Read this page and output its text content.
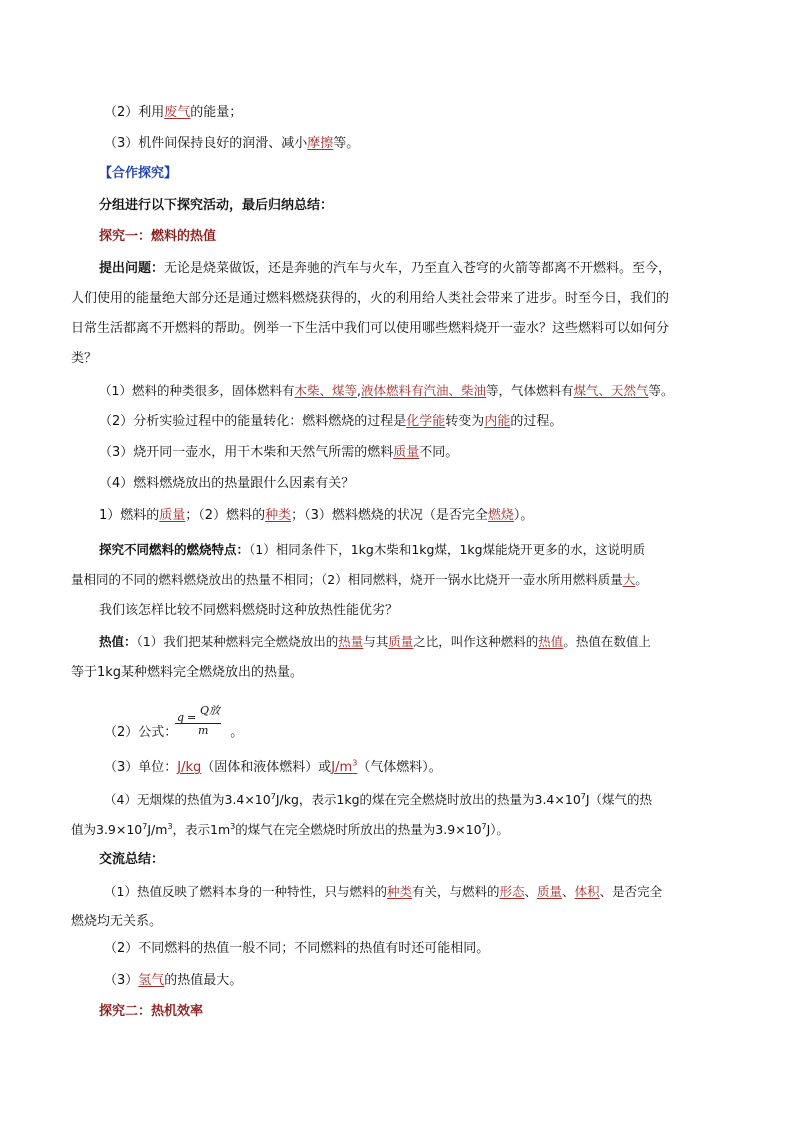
（2）利用废气的能量；
（3）机件间保持良好的润滑、减小摩擦等。
【合作探究】
分组进行以下探究活动，最后归纳总结：
探究一：燃料的热值
提出问题：无论是烧菜做饭，还是奔驰的汽车与火车，乃至直入苍穹的火箭等都离不开燃料。至今，
人们使用的能量绝大部分还是通过燃料燃烧获得的，火的利用给人类社会带来了进步。时至今日，我们的
日常生活都离不开燃料的帮助。例举一下生活中我们可以使用哪些燃料烧开一壶水？这些燃料可以如何分
类？
（1）燃料的种类很多，固体燃料有木柴、煤等,液体燃料有汽油、柴油等，气体燃料有煤气、天然气等。
（2）分析实验过程中的能量转化：燃料燃烧的过程是化学能转变为内能的过程。
（3）烧开同一壶水，用干木柴和天然气所需的燃料质量不同。
（4）燃料燃烧放出的热量跟什么因素有关？
1）燃料的质量；（2）燃料的种类；（3）燃料燃烧的状况（是否完全燃烧）。
探究不同燃料的燃烧特点：（1）相同条件下，1kg木柴和1kg煤，1kg煤能烧开更多的水，这说明质
量相同的不同的燃料燃烧放出的热量不相同；（2）相同燃料，烧开一锅水比烧开一壶水所用燃料质量大。
我们该怎样比较不同燃料燃烧时这种放热性能优劣？
热值：（1）我们把某种燃料完全燃烧放出的热量与其质量之比，叫作这种燃料的热值。热值在数值上
等于1kg某种燃料完全燃烧放出的热量。
（2）公式：	。
q =
Q放
m
（3）单位：J/kg（固体和液体燃料）或$J/m^3$（气体燃料）。
（4）无烟煤的热值为$3.4\times 10^7J/kg$，表示1kg的煤在完全燃烧时放出的热量为$3.4\times 10^7J$（煤气的热
值为$3.9\times 10^7J/m^3$，表示$1m^3$的煤气在完全燃烧时所放出的热量为$3.9\times 10^7J$）。
交流总结：
（1）热值反映了燃料本身的一种特性，只与燃料的种类有关，与燃料的形态、质量、体积、是否完全
燃烧均无关系。
（2）不同燃料的热值一般不同；不同燃料的热值有时还可能相同。
（3）氢气的热值最大。
探究二：热机效率
